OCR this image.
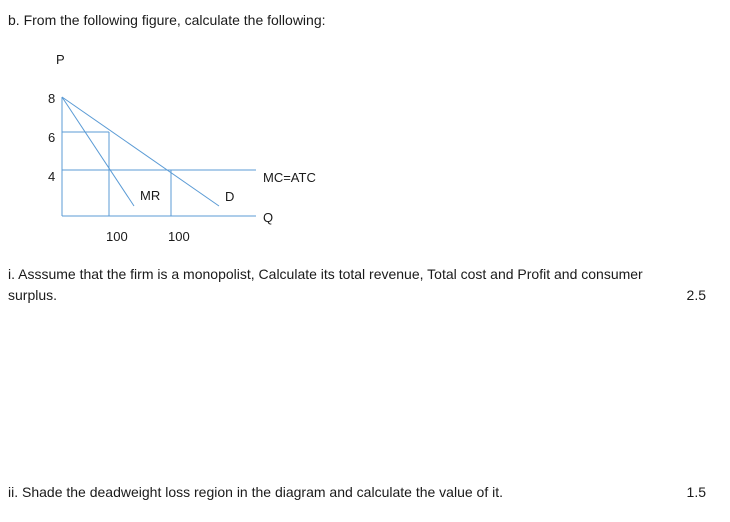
b. From the following figure, calculate the following:
P
8
6
4	MC=ATC
MR	D
Q
100	100
i. Asssume that the firm is a monopolist, Calculate its total revenue, Total cost and Profit and consumer
surplus.	2.5
ii. Shade the deadweight loss region in the diagram and calculate the value of it.	1.5
